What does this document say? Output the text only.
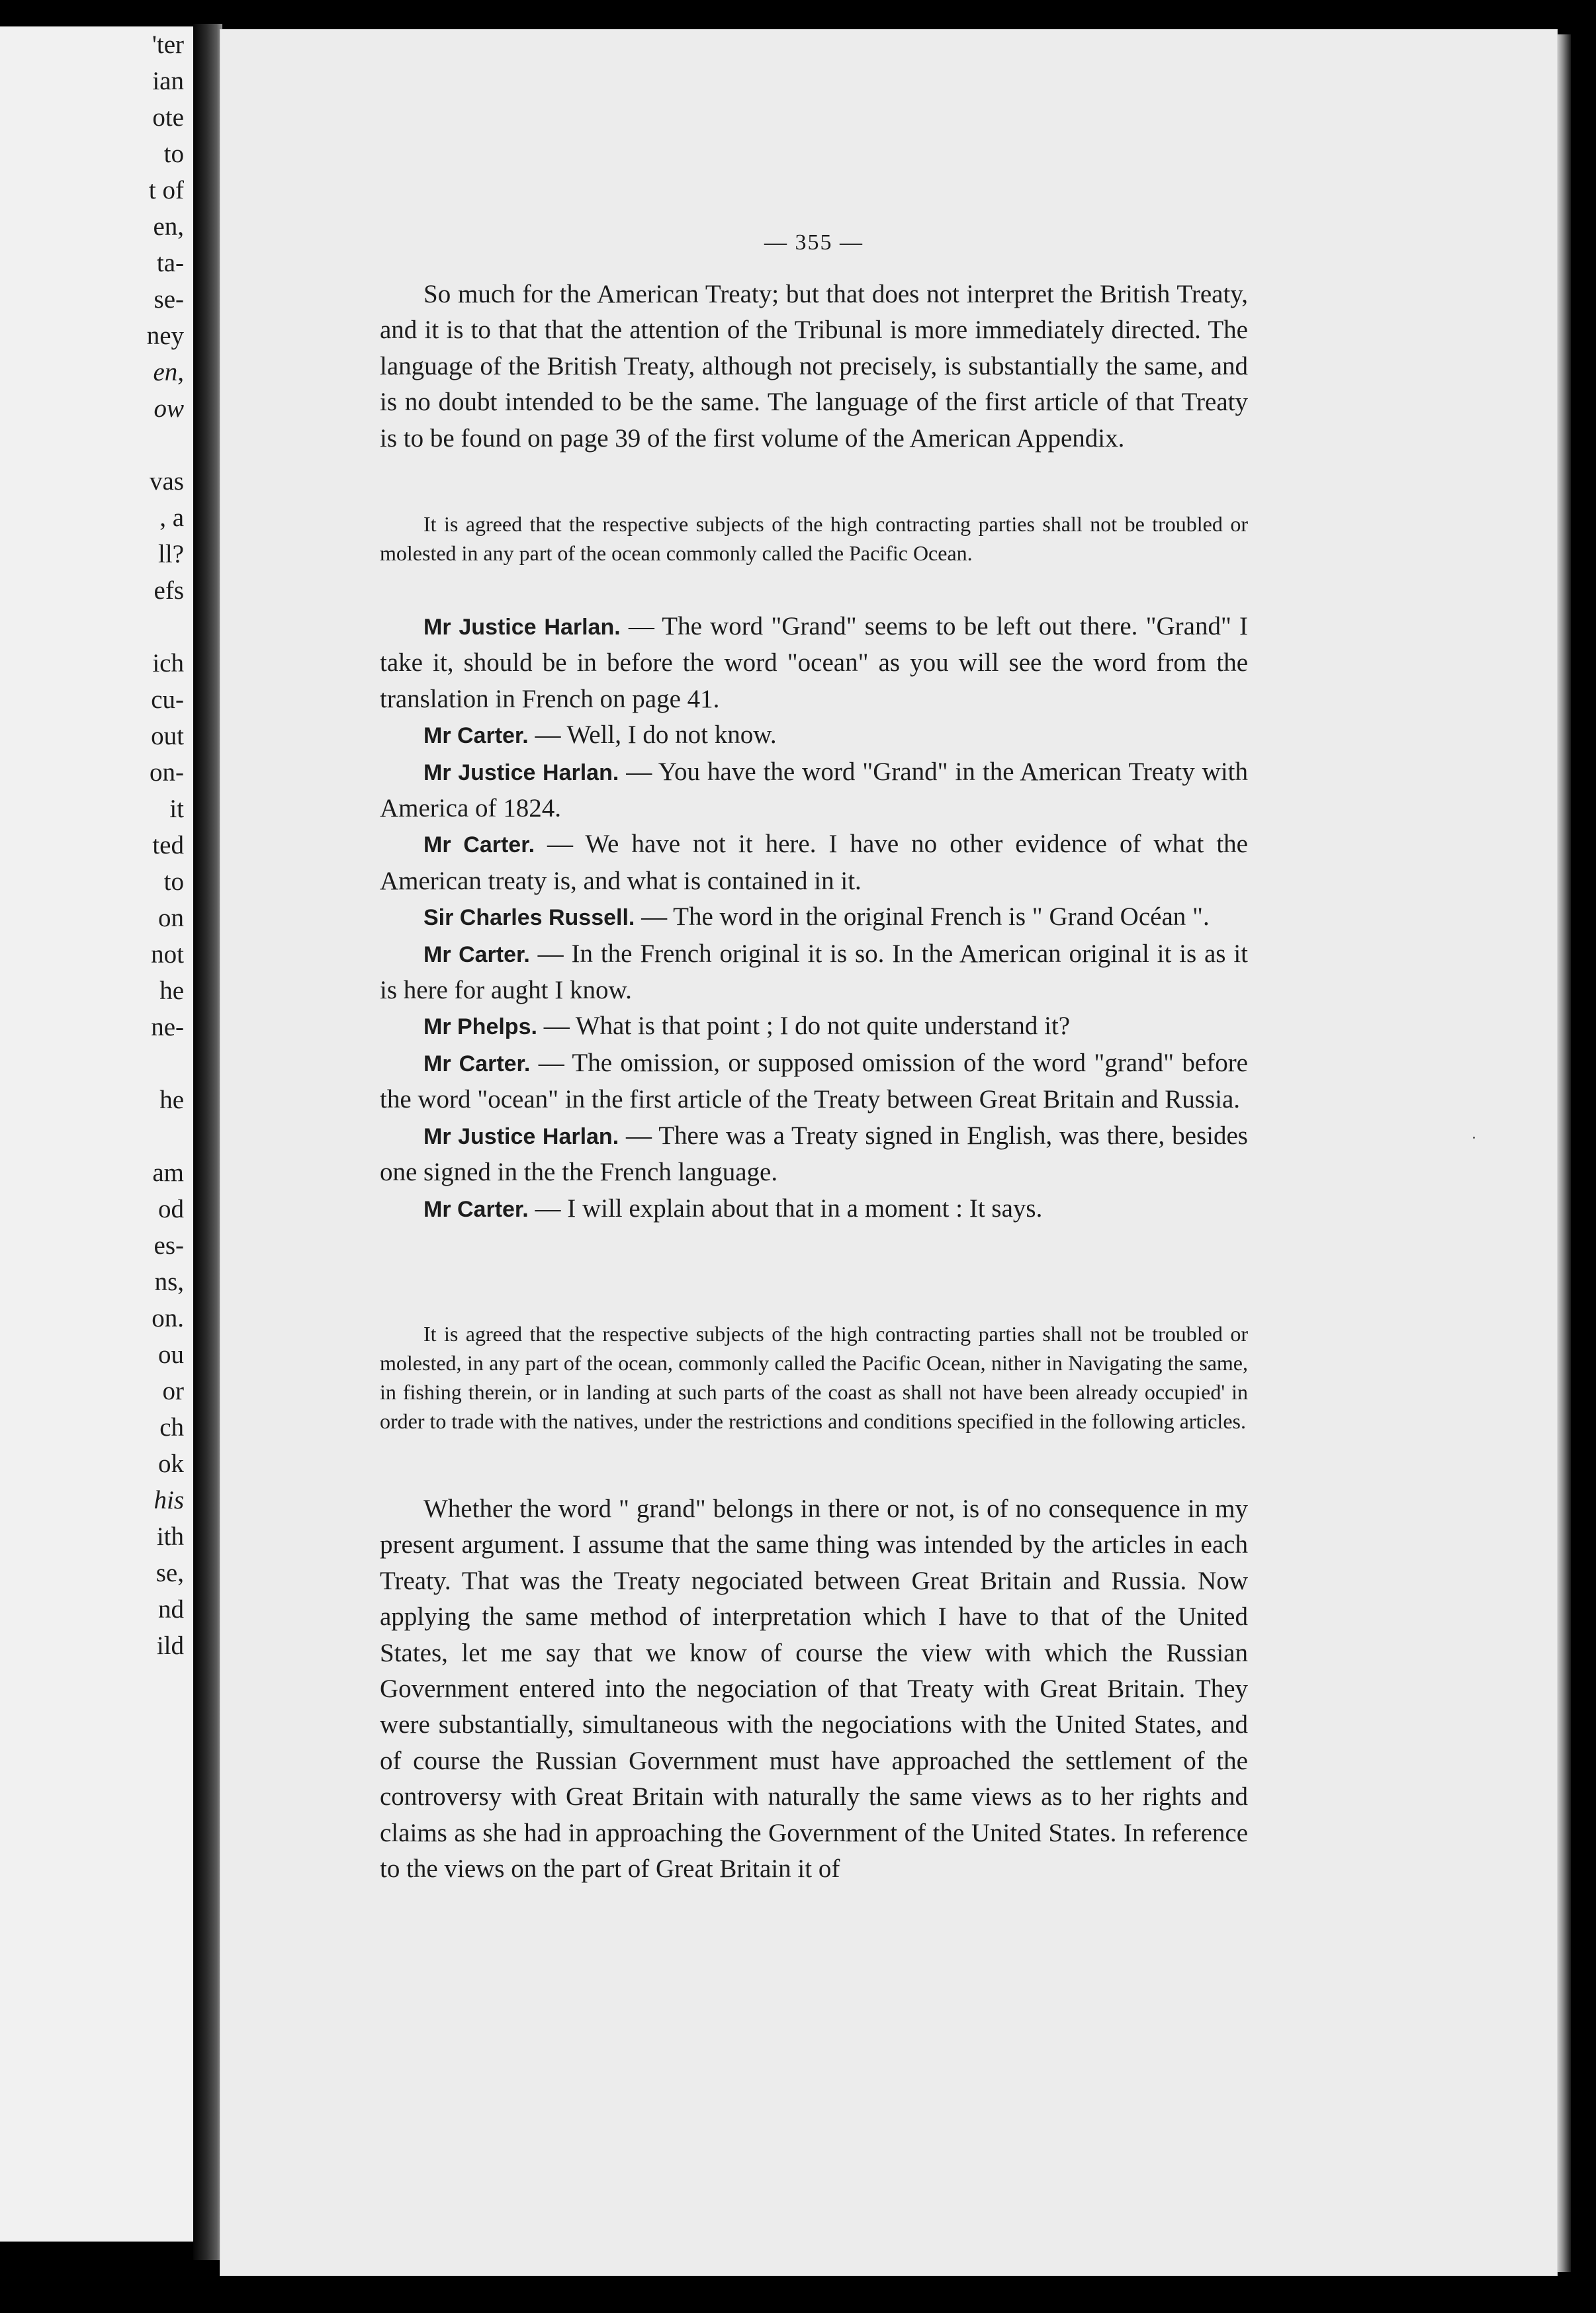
'ter
ian
ote
to
t of
en,
ta-
se-
ney
en,
ow
vas
, a
ll?
efs
ich
cu-
out
on-
it
ted
to
on
not
he
ne-
he
am
od
es-
ns,
on.
ou
or
ch
ok
his
ith
se,
nd
ild
— 355 —

So much for the American Treaty; but that does not interpret the British Treaty, and it is to that that the attention of the Tribunal is more immediately directed. The language of the British Treaty, although not precisely, is substantially the same, and is no doubt intended to be the same. The language of the first article of that Treaty is to be found on page 39 of the first volume of the American Appendix.

It is agreed that the respective subjects of the high contracting parties shall not be troubled or molested in any part of the ocean commonly called the Pacific Ocean.

Mr Justice Harlan. — The word "Grand" seems to be left out there. "Grand" I take it, should be in before the word "ocean" as you will see the word from the translation in French on page 41.

Mr Carter. — Well, I do not know.

Mr Justice Harlan. — You have the word "Grand" in the American Treaty with America of 1824.

Mr Carter. — We have not it here. I have no other evidence of what the American treaty is, and what is contained in it.

Sir Charles Russell. — The word in the original French is " Grand Océan ".

Mr Carter. — In the French original it is so. In the American original it is as it is here for aught I know.

Mr Phelps. — What is that point ; I do not quite understand it?

Mr Carter. — The omission, or supposed omission of the word "grand" before the word "ocean" in the first article of the Treaty between Great Britain and Russia.

Mr Justice Harlan. — There was a Treaty signed in English, was there, besides one signed in the the French language.

Mr Carter. — I will explain about that in a moment : It says.

It is agreed that the respective subjects of the high contracting parties shall not be troubled or molested, in any part of the ocean, commonly called the Pacific Ocean, nither in Navigating the same, in fishing therein, or in landing at such parts of the coast as shall not have been already occupied' in order to trade with the natives, under the restrictions and conditions specified in the following articles.

Whether the word " grand" belongs in there or not, is of no consequence in my present argument. I assume that the same thing was intended by the articles in each Treaty. That was the Treaty negociated between Great Britain and Russia. Now applying the same method of interpretation which I have to that of the United States, let me say that we know of course the view with which the Russian Government entered into the negociation of that Treaty with Great Britain. They were substantially, simultaneous with the negociations with the United States, and of course the Russian Government must have approached the settlement of the controversy with Great Britain with naturally the same views as to her rights and claims as she had in approaching the Government of the United States. In reference to the views on the part of Great Britain it of
